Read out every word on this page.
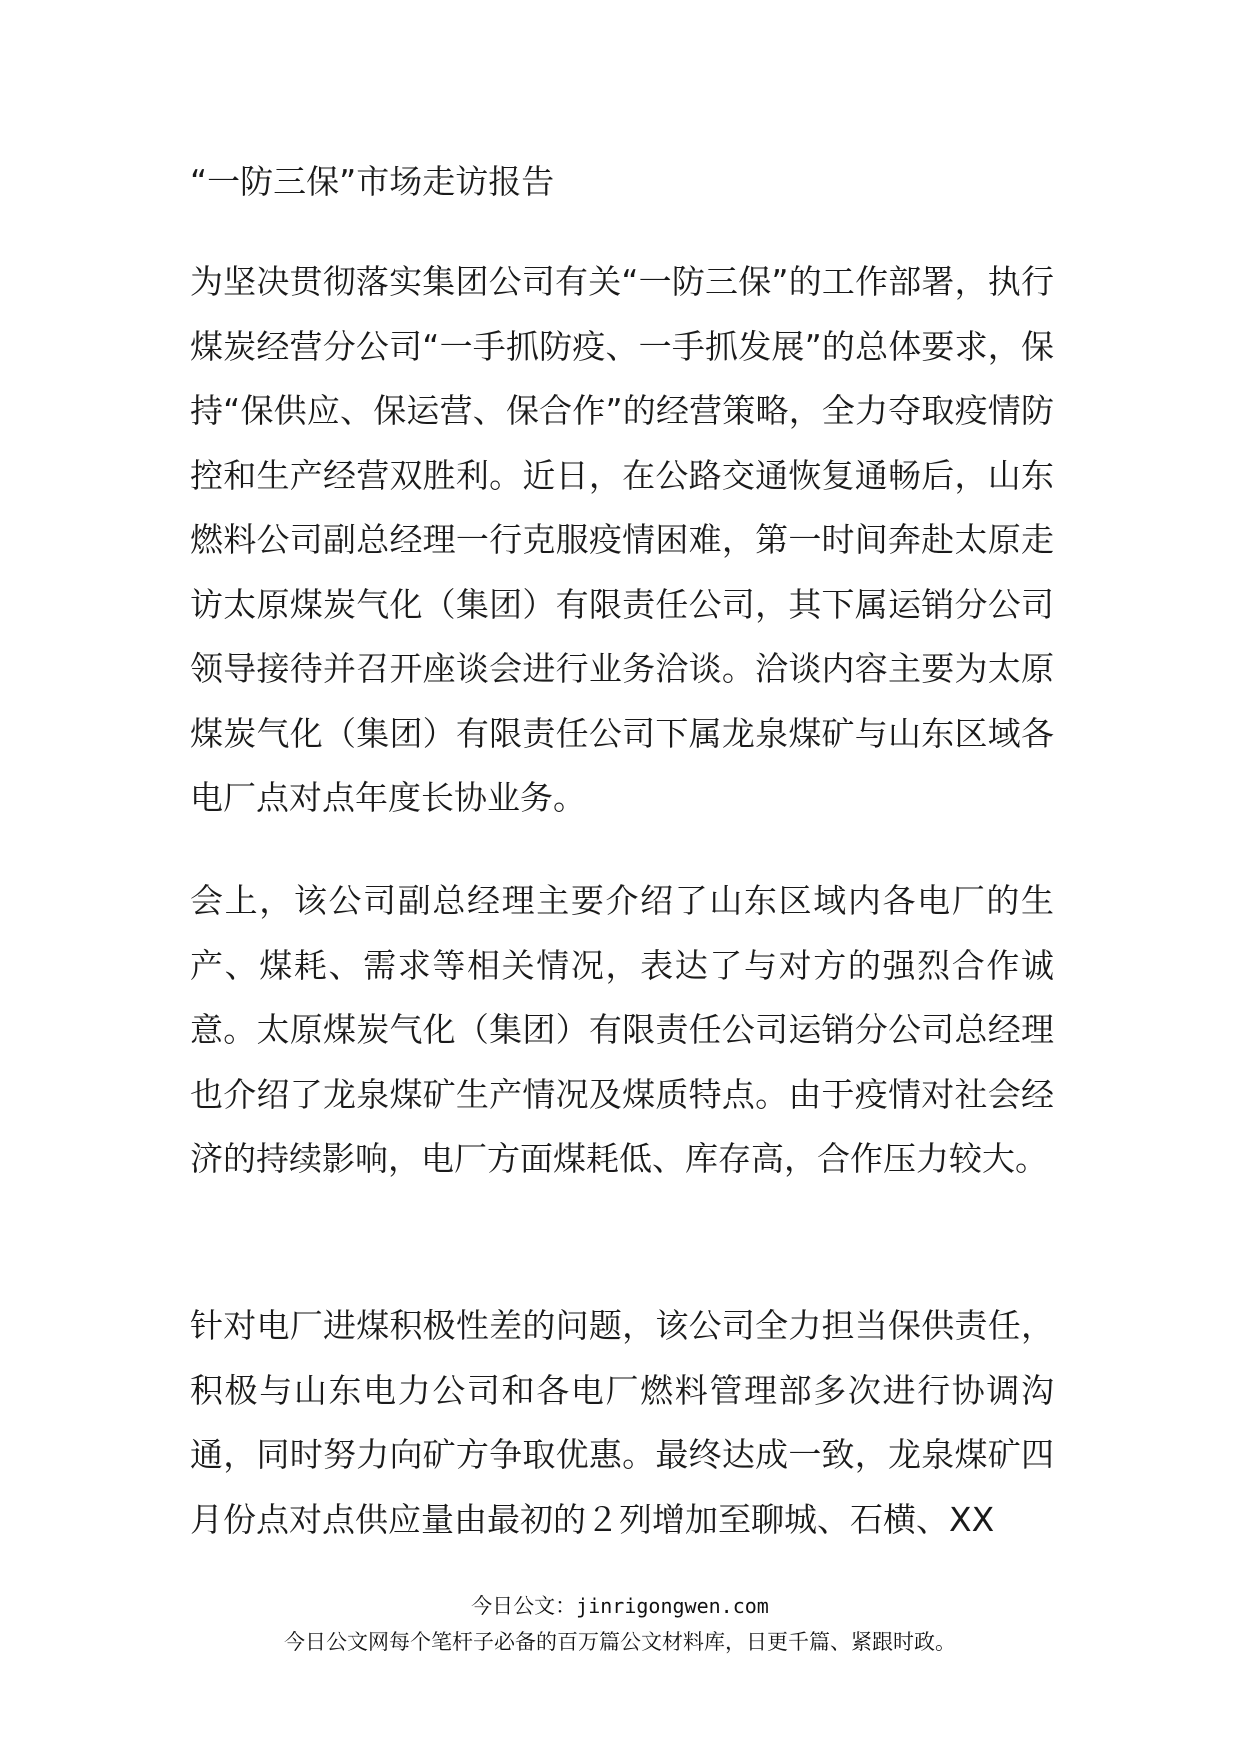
“一防三保”市场走访报告

为坚决贯彻落实集团公司有关“一防三保”的工作部署，执行煤炭经营分公司“一手抓防疫、一手抓发展”的总体要求，保持“保供应、保运营、保合作”的经营策略，全力夺取疫情防控和生产经营双胜利。近日，在公路交通恢复通畅后，山东燃料公司副总经理一行克服疫情困难，第一时间奔赴太原走访太原煤炭气化（集团）有限责任公司，其下属运销分公司领导接待并召开座谈会进行业务洽谈。洽谈内容主要为太原煤炭气化（集团）有限责任公司下属龙泉煤矿与山东区域各电厂点对点年度长协业务。

会上，该公司副总经理主要介绍了山东区域内各电厂的生产、煤耗、需求等相关情况，表达了与对方的强烈合作诚意。太原煤炭气化（集团）有限责任公司运销分公司总经理也介绍了龙泉煤矿生产情况及煤质特点。由于疫情对社会经济的持续影响，电厂方面煤耗低、库存高，合作压力较大。

针对电厂进煤积极性差的问题，该公司全力担当保供责任，积极与山东电力公司和各电厂燃料管理部多次进行协调沟通，同时努力向矿方争取优惠。最终达成一致，龙泉煤矿四月份点对点供应量由最初的２列增加至聊城、石横、XX

今日公文：jinrigongwen.com
今日公文网每个笔杆子必备的百万篇公文材料库，日更千篇、紧跟时政。
